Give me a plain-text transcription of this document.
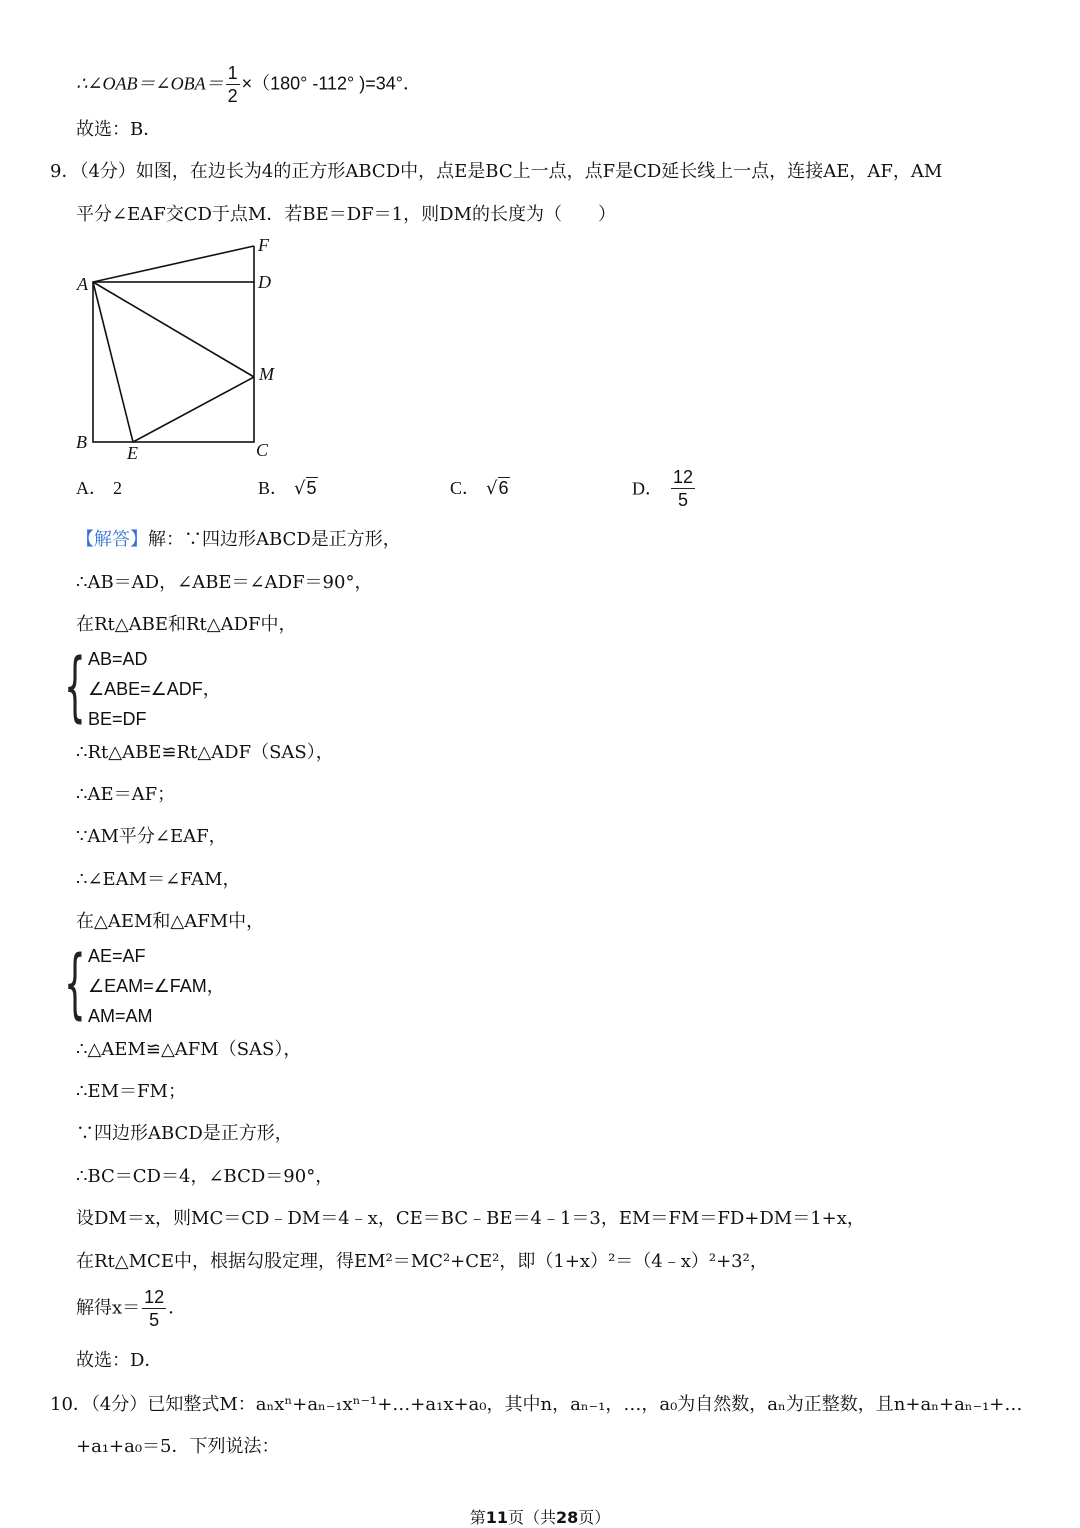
∴∠OAB＝∠OBA＝ $\frac{1}{2} \times(180^\circ$ -112° )=34°．
故选：B．
9．（4分）如图，在边长为4的正方形ABCD中，点E是BC上一点，点F是CD延长线上一点，连接AE，AF，AM
平分∠EAF交CD于点M．若BE＝DF＝1，则DM的长度为（　　）
A
B	C
D
E
F
M
A． 2	B． √5	C． √6	D． $\frac{12}{5}$
【解答】解：∵四边形ABCD是正方形，
∴AB＝AD，∠ABE＝∠ADF＝90°，
在Rt△ABE和Rt△ADF中，
{ AB=AD
∠ABE=∠ADF，
BE=DF
∴Rt△ABE≌Rt△ADF（SAS），
∴AE＝AF；
∵AM平分∠EAF，
∴∠EAM＝∠FAM，
在△AEM和△AFM中，
{ AE=AF
∠EAM=∠FAM，
AM=AM
∴△AEM≌△AFM（SAS），
∴EM＝FM；
∵四边形ABCD是正方形，
∴BC＝CD＝4，∠BCD＝90°，
设DM＝x，则MC＝CD﹣DM＝4﹣x，CE＝BC﹣BE＝4﹣1＝3，EM＝FM＝FD+DM＝1+x，
在Rt△MCE中，根据勾股定理，得EM²＝MC²+CE²，即（1+x）²＝（4﹣x）²+3²，
解得$x= \frac{12}{5}$ ．
故选：D．
10．（4分）已知整式M：aₙxⁿ+aₙ₋₁xⁿ⁻¹+…+a₁x+a₀，其中n，aₙ₋₁，…，a₀为自然数，aₙ为正整数，且n+aₙ+aₙ₋₁+…
+a₁+a₀＝5．下列说法：
第11页（共28页）
